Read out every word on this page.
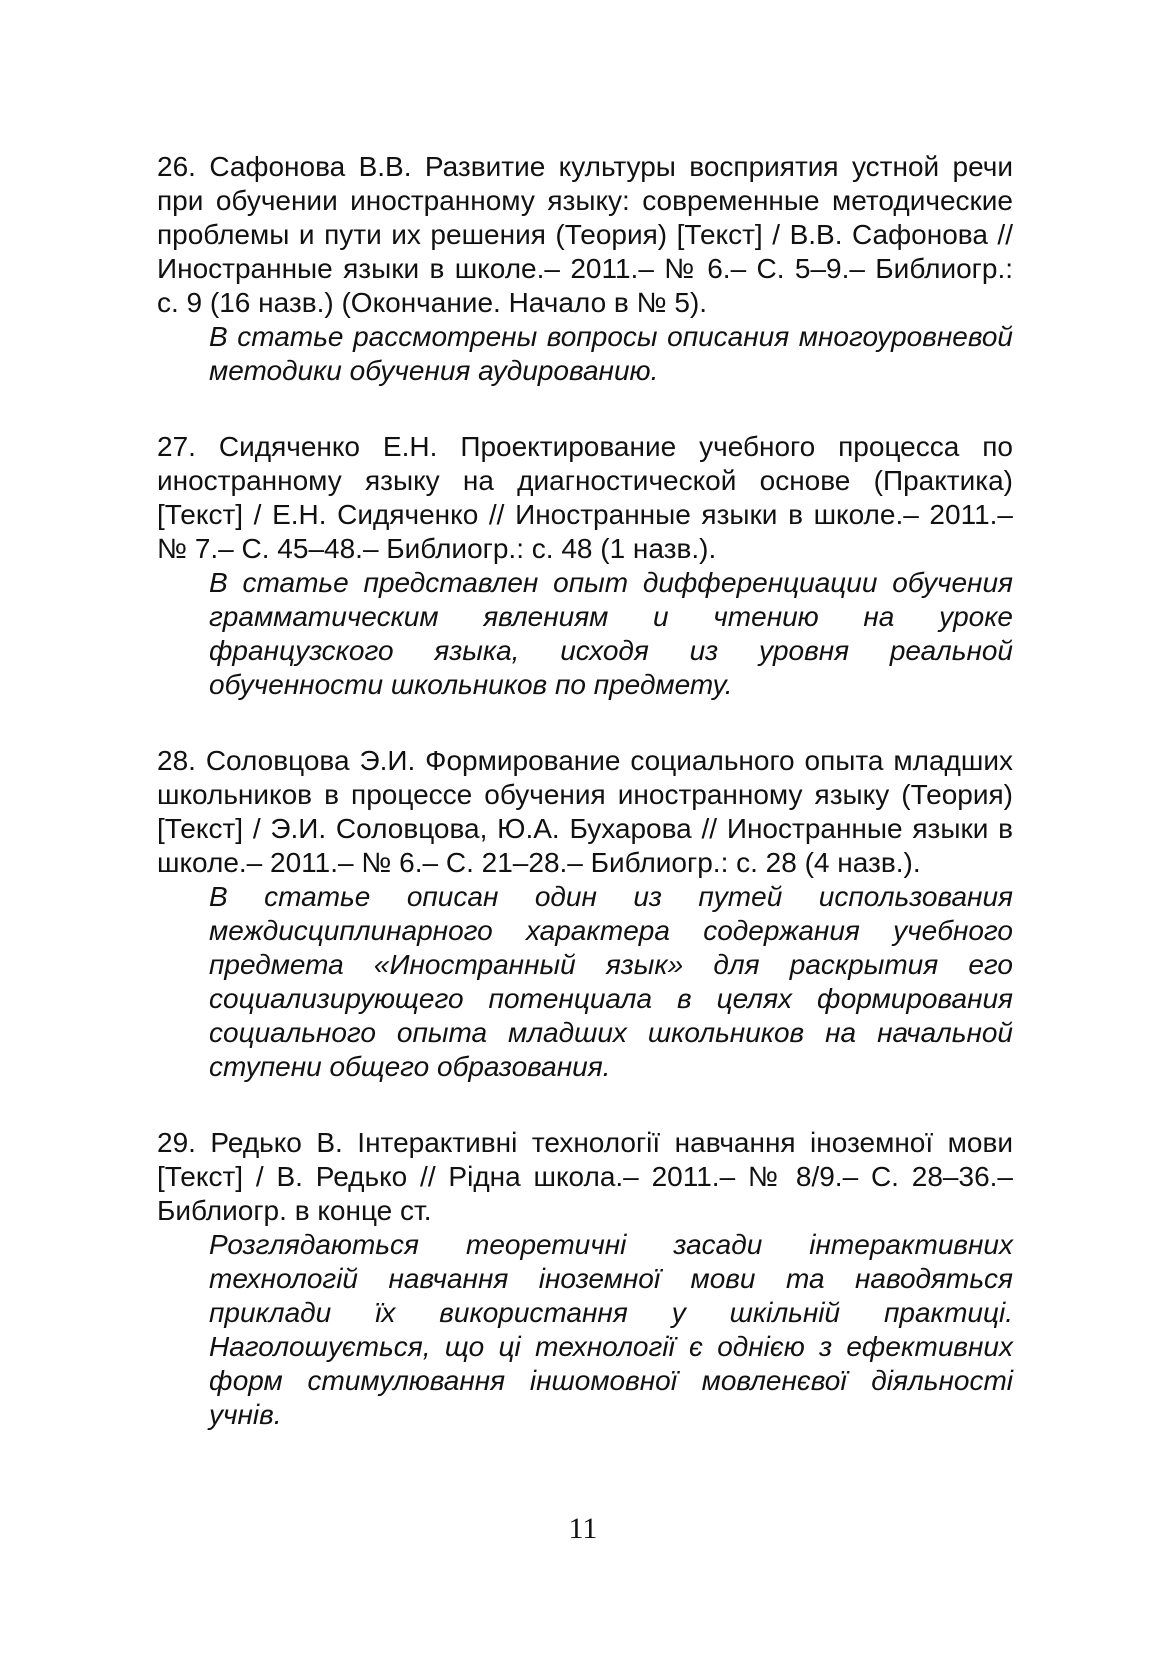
26. Сафонова В.В. Развитие культуры восприятия устной речи при обучении иностранному языку: современные методические проблемы и пути их решения (Теория) [Текст] / В.В. Сафонова // Иностранные языки в школе.– 2011.– № 6.– С. 5–9.– Библиогр.: с. 9 (16 назв.) (Окончание. Начало в № 5).

В статье рассмотрены вопросы описания многоуровневой методики обучения аудированию.

27. Сидяченко Е.Н. Проектирование учебного процесса по иностранному языку на диагностической основе (Практика) [Текст] / Е.Н. Сидяченко // Иностранные языки в школе.– 2011.– № 7.– С. 45–48.– Библиогр.: с. 48 (1 назв.).

В статье представлен опыт дифференциации обучения грамматическим явлениям и чтению на уроке французского языка, исходя из уровня реальной обученности школьников по предмету.

28. Соловцова Э.И. Формирование социального опыта младших школьников в процессе обучения иностранному языку (Теория) [Текст] / Э.И. Соловцова, Ю.А. Бухарова // Иностранные языки в школе.– 2011.– № 6.– С. 21–28.– Библиогр.: с. 28 (4 назв.).

В статье описан один из путей использования междисциплинарного характера содержания учебного предмета «Иностранный язык» для раскрытия его социализирующего потенциала в целях формирования социального опыта младших школьников на начальной ступени общего образования.

29. Редько В. Інтерактивні технології навчання іноземної мови [Текст] / В. Редько // Рідна школа.– 2011.– № 8/9.– С. 28–36.– Библиогр. в конце ст.

Розглядаються теоретичні засади інтерактивних технологій навчання іноземної мови та наводяться приклади їх використання у шкільній практиці. Наголошується, що ці технології є однією з ефективних форм стимулювання іншомовної мовленєвої діяльності учнів.

11
